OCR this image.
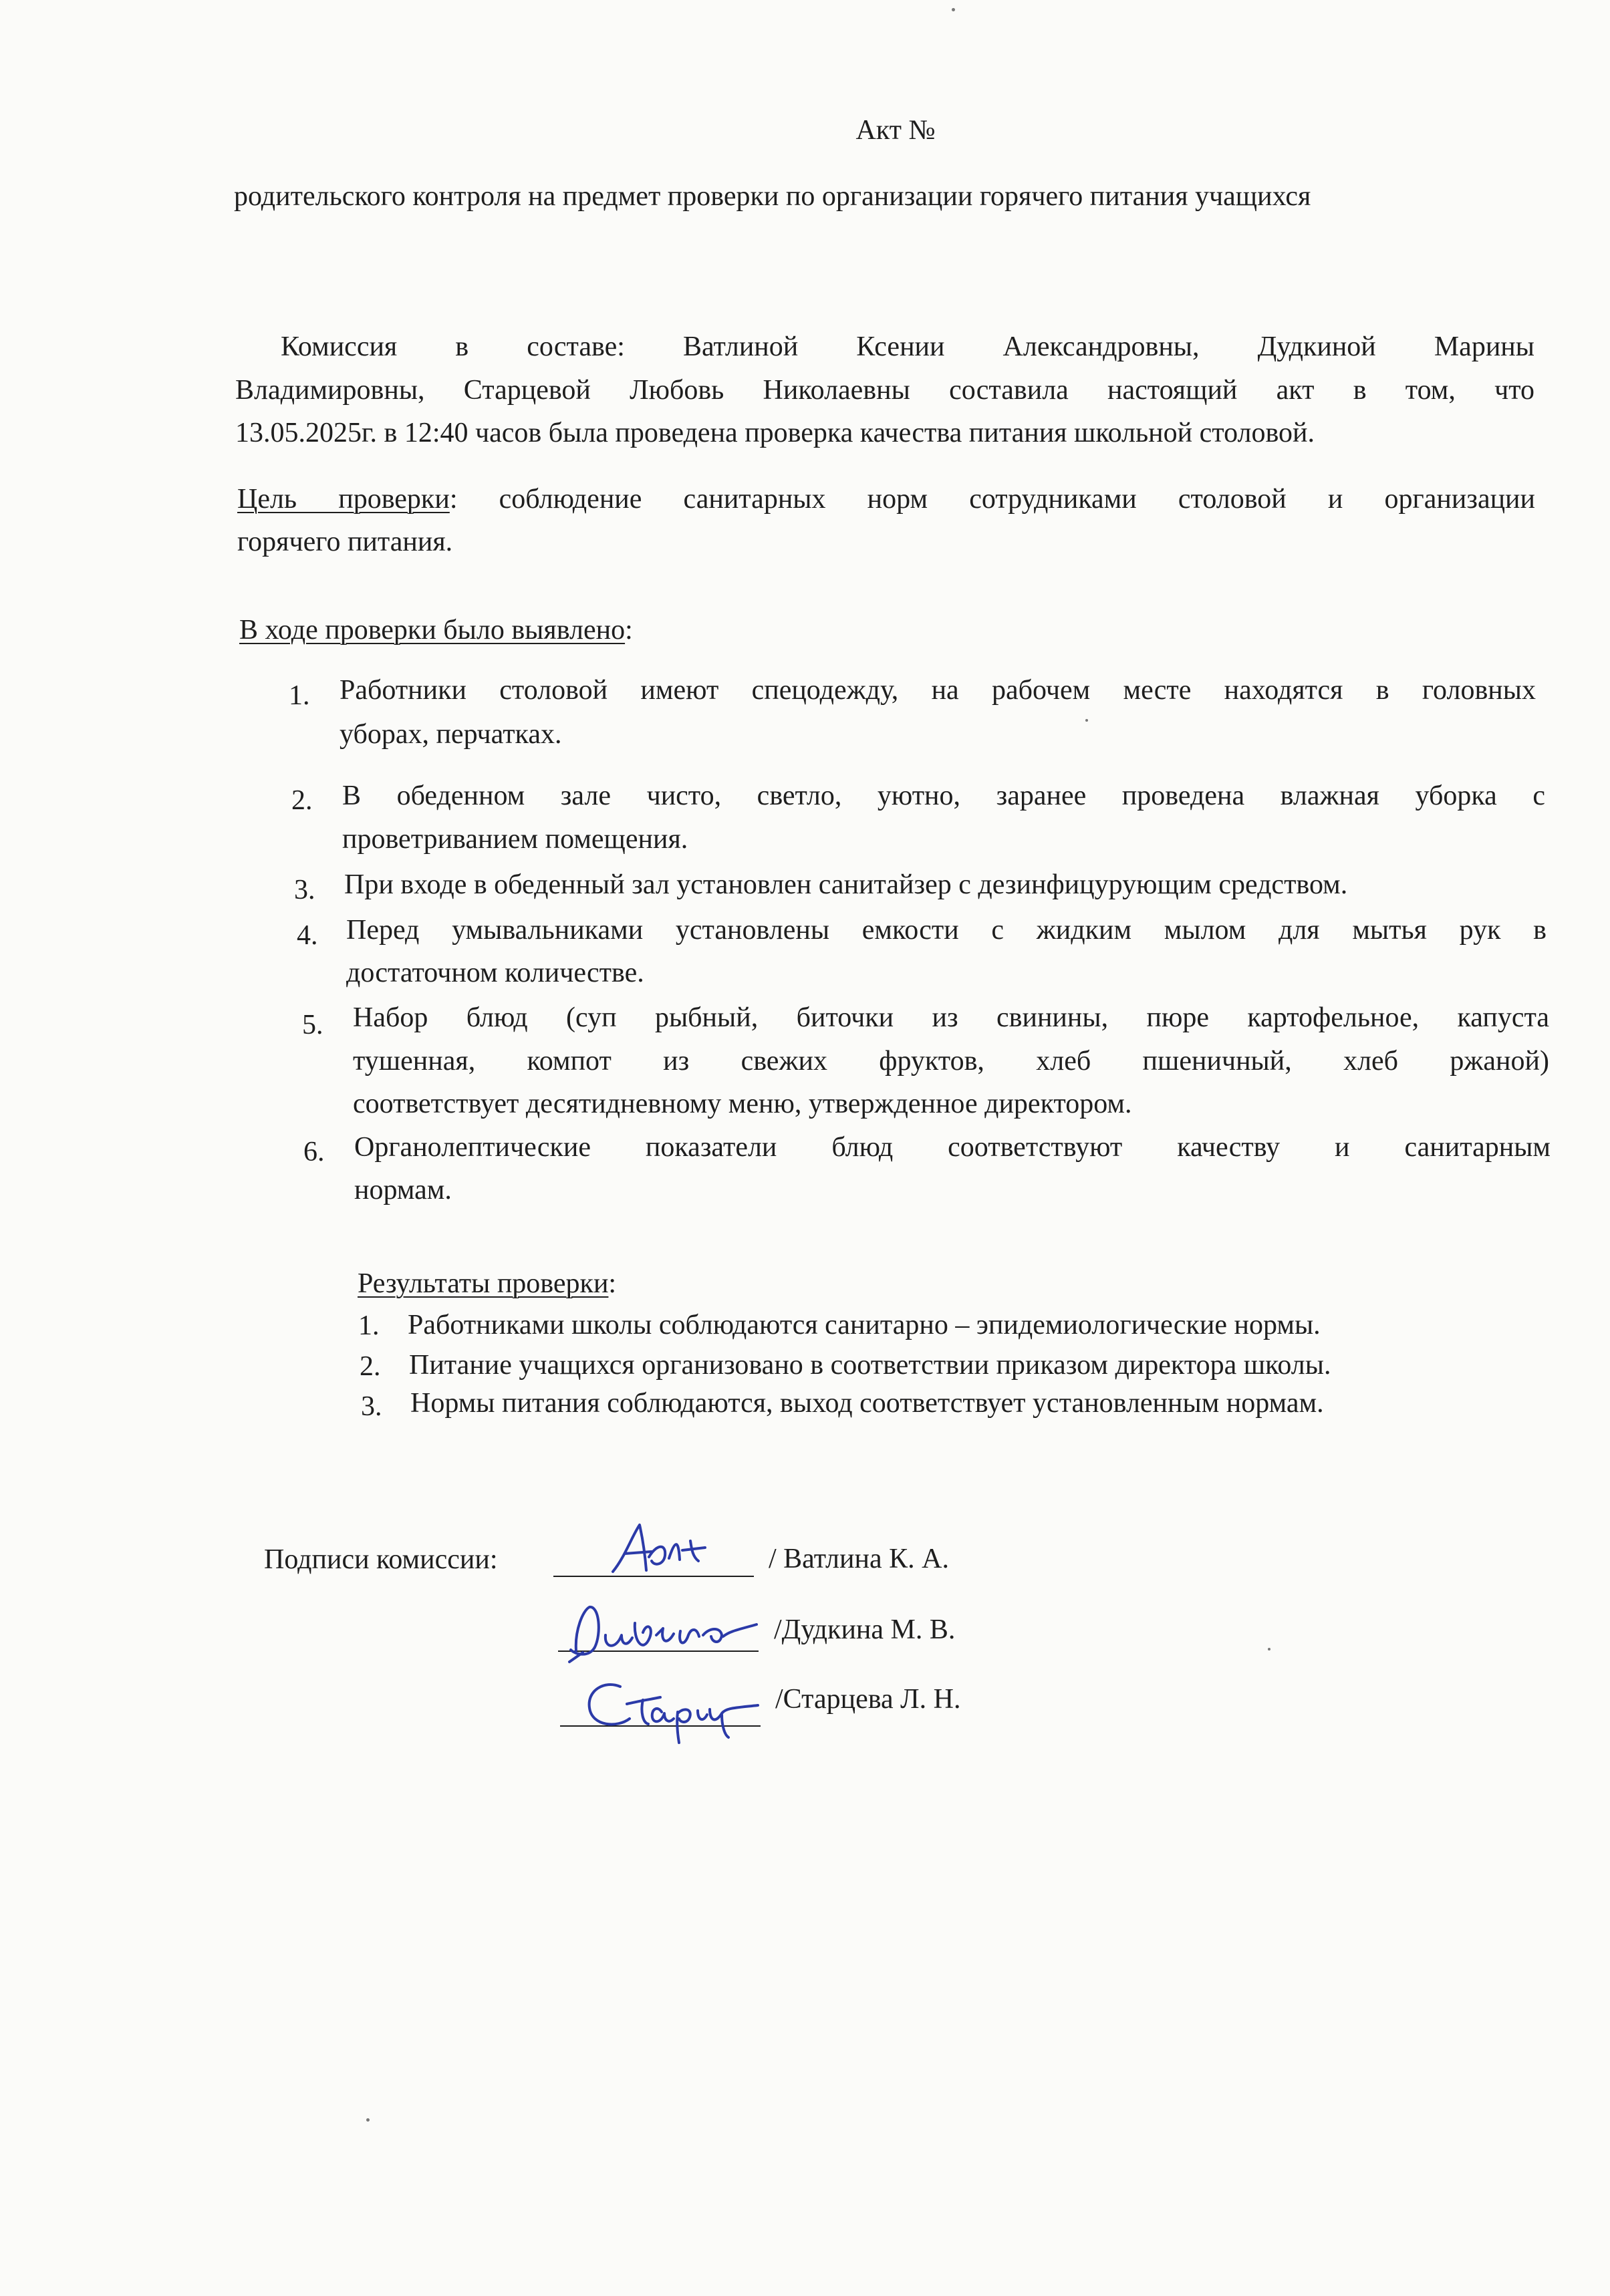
Акт №
родительского контроля на предмет проверки по организации горячего питания учащихся
Комиссия в составе: Ватлиной Ксении Александровны, Дудкиной Марины
Владимировны, Старцевой Любовь Николаевны составила настоящий акт в том, что
13.05.2025г. в 12:40 часов была проведена проверка качества питания школьной столовой.
Цель проверки: соблюдение санитарных норм сотрудниками столовой и организации
горячего питания.
В ходе проверки было выявлено:
1. Работники столовой имеют спецодежду, на рабочем месте находятся в головных
уборах, перчатках.
2. В обеденном зале чисто, светло, уютно, заранее проведена влажная уборка с
проветриванием помещения.
3. При входе в обеденный зал установлен санитайзер с дезинфицурующим средством.
4. Перед умывальниками установлены емкости с жидким мылом для мытья рук в
достаточном количестве.
5. Набор блюд (суп рыбный, биточки из свинины, пюре картофельное, капуста
тушенная, компот из свежих фруктов, хлеб пшеничный, хлеб ржаной)
соответствует десятидневному меню, утвержденное директором.
6. Органолептические показатели блюд соответствуют качеству и санитарным
нормам.
Результаты проверки:
1. Работниками школы соблюдаются санитарно – эпидемиологические нормы.
2. Питание учащихся организовано в соответствии приказом директора школы.
3. Нормы питания соблюдаются, выход соответствует установленным нормам.
Подписи комиссии:	/ Ватлина К. А.
/Дудкина М. В.
/Старцева Л. Н.
